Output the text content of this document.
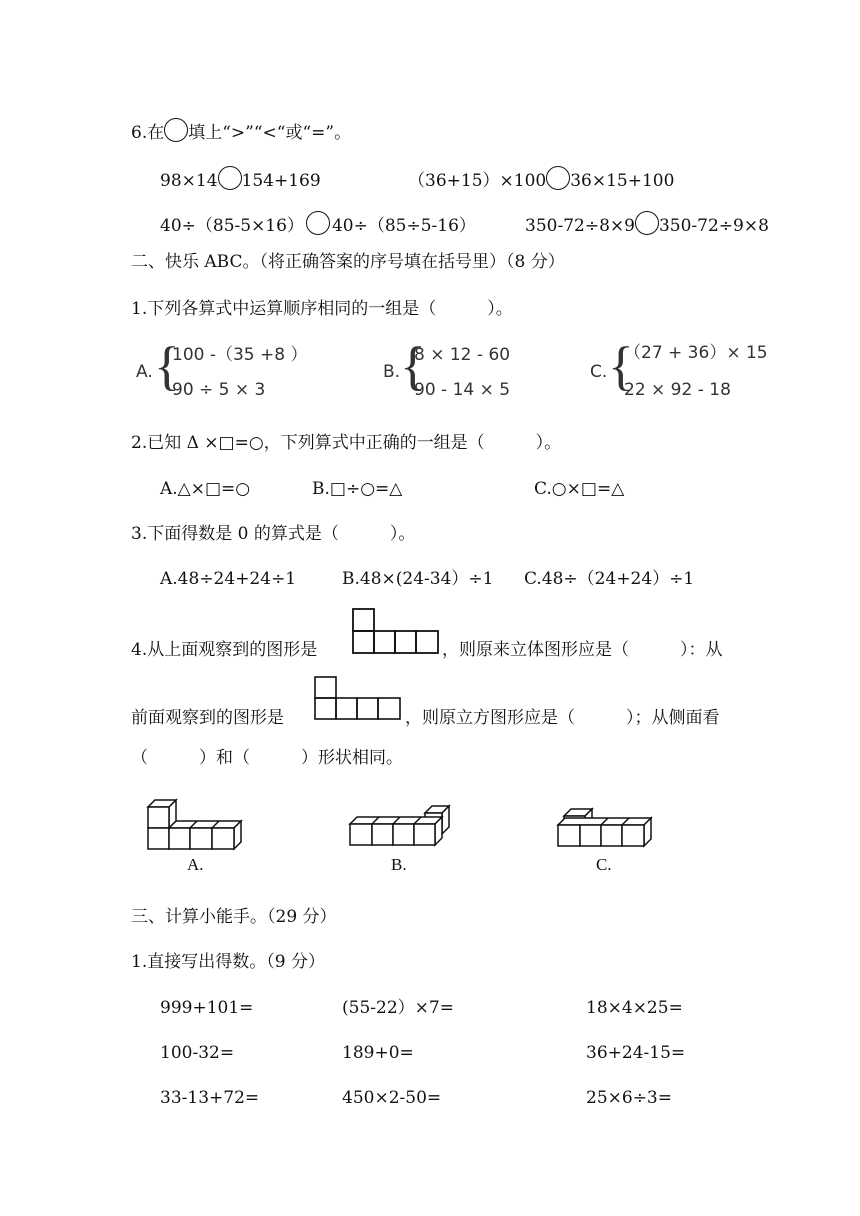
6.在 填上“>”“<“或“=”。
98×14 154+169	（36+15）×100 36×15+100
40÷（85-5×16） 40÷（85÷5-16）	350-72÷8×9 350-72÷9×8
二、快乐 ABC。（将正确答案的序号填在括号里）（8 分）
1.下列各算式中运算顺序相同的一组是（　　　）。
A. {
100 -（35 +8 ）
90 ÷ 5 × 3
B. {
8 × 12 - 60
90 - 14 × 5
C. {
（27 + 36）× 15
22 × 92 - 18
2.已知 Δ ×□=○，下列算式中正确的一组是（　　　）。
A.△×□=○	B.□÷○=△	C.○×□=△
3.下面得数是 0 的算式是（　　　）。
A.48÷24+24÷1	B.48×(24-34）÷1 C.48÷（24+24）÷1
4.从上面观察到的图形是	，则原来立体图形应是（　　　）：从
前面观察到的图形是	，则原立方图形应是（　　　）；从侧面看
（　　　）和（　　　）形状相同。
A.	B.	C.
三、计算小能手。（29 分）
1.直接写出得数。（9 分）
999+101=	(55-22）×7=	18×4×25=
100-32=	189+0=	36+24-15=
33-13+72=	450×2-50=	25×6÷3=
